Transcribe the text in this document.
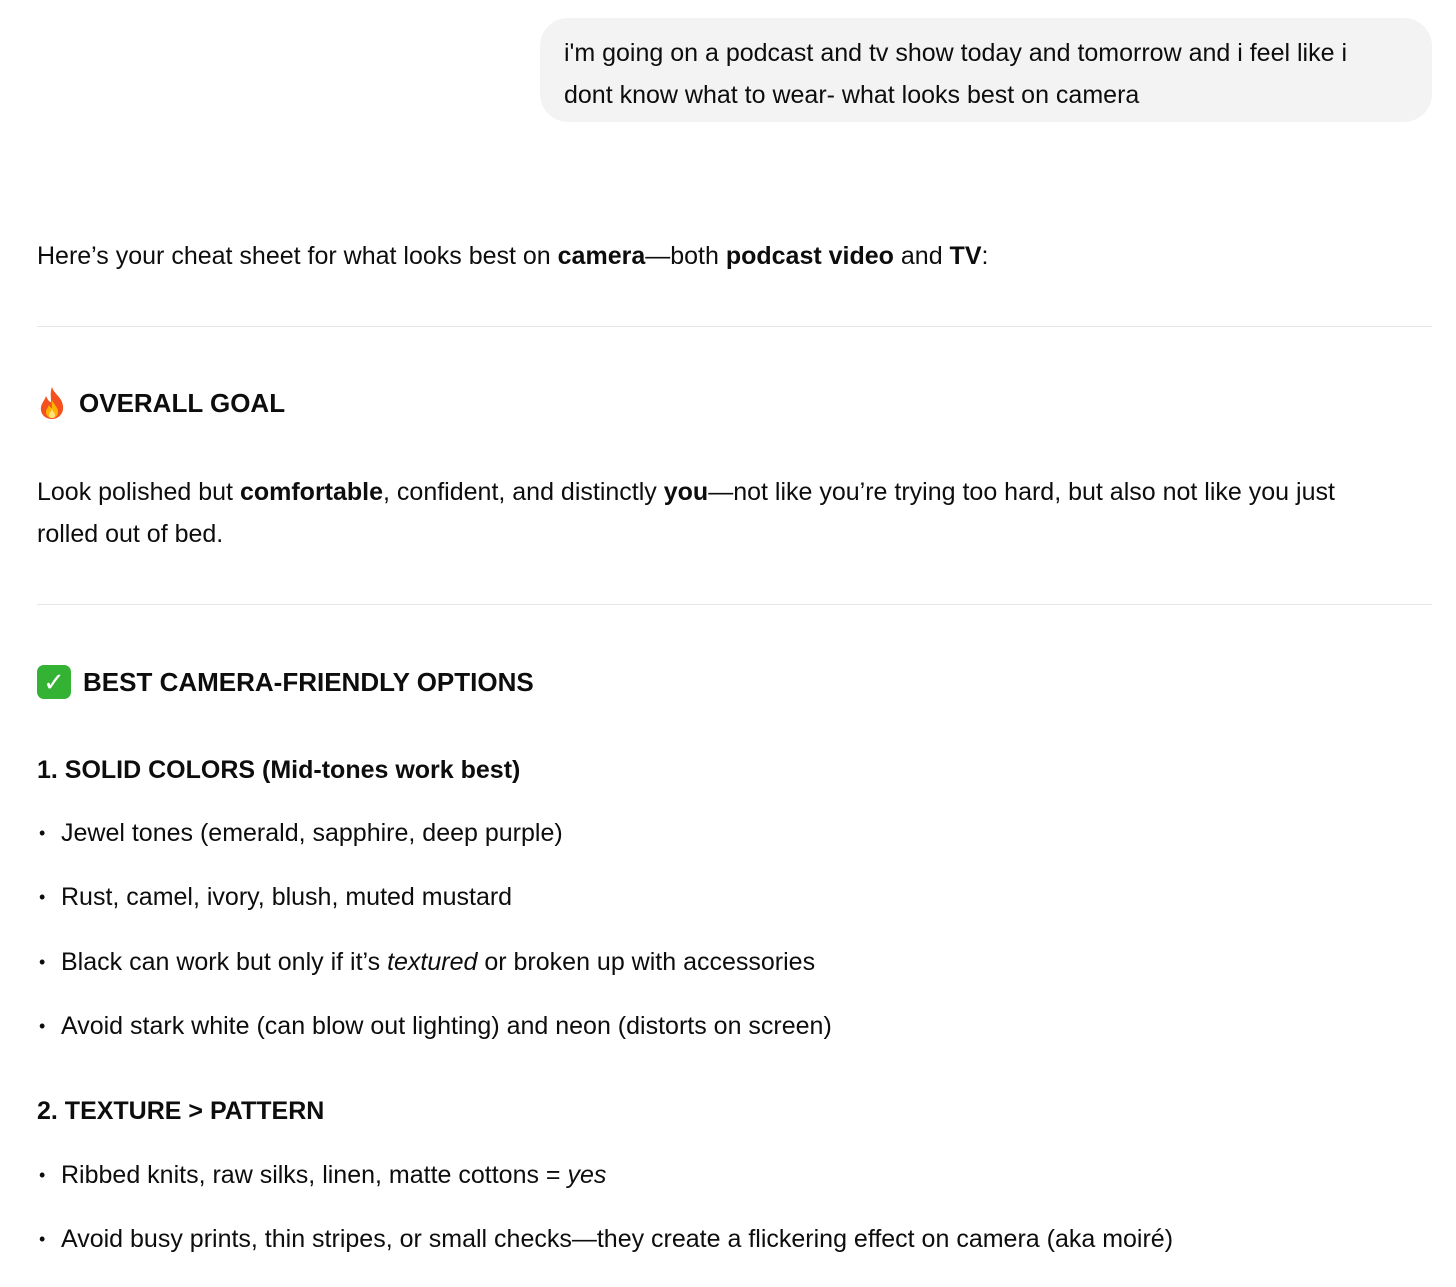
i'm going on a podcast and tv show today and tomorrow and i feel like i
dont know what to wear- what looks best on camera
Here’s your cheat sheet for what looks best on camera—both podcast video and TV:
OVERALL GOAL
Look polished but comfortable, confident, and distinctly you—not like you’re trying too hard, but also not like you just
rolled out of bed.
✓ BEST CAMERA-FRIENDLY OPTIONS
1. SOLID COLORS (Mid-tones work best)
• Jewel tones (emerald, sapphire, deep purple)
• Rust, camel, ivory, blush, muted mustard
• Black can work but only if it’s textured or broken up with accessories
• Avoid stark white (can blow out lighting) and neon (distorts on screen)
2. TEXTURE > PATTERN
• Ribbed knits, raw silks, linen, matte cottons = yes
• Avoid busy prints, thin stripes, or small checks—they create a flickering effect on camera (aka moiré)
